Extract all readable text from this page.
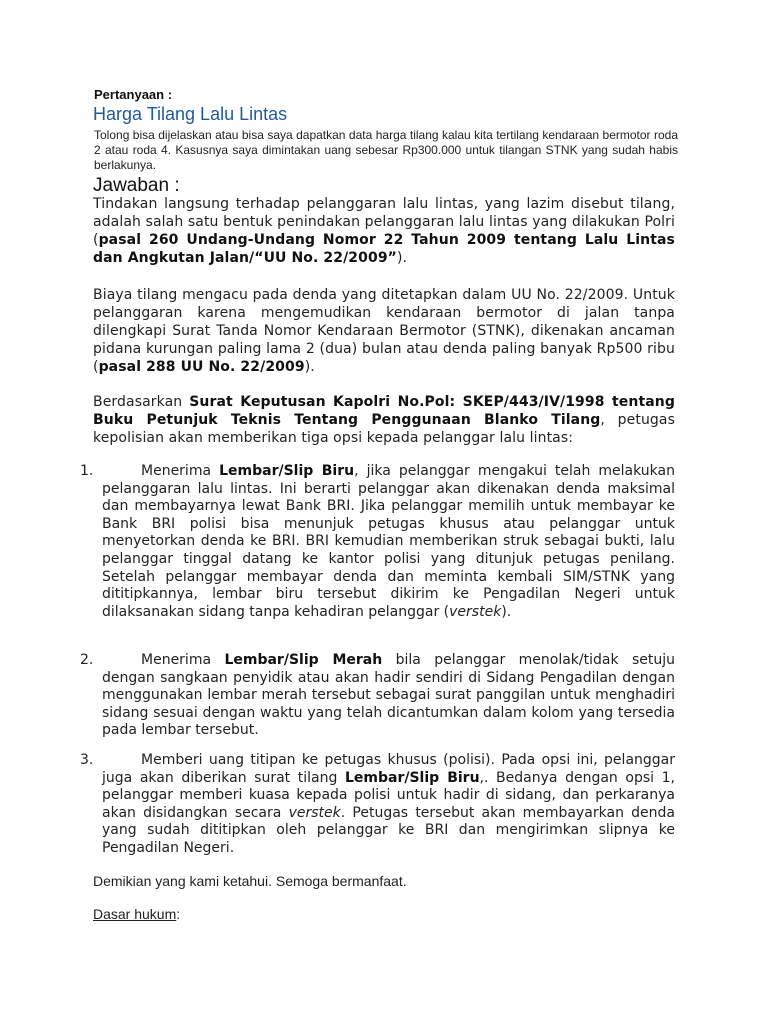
Pertanyaan :
Harga Tilang Lalu Lintas
Tolong bisa dijelaskan atau bisa saya dapatkan data harga tilang kalau kita tertilang kendaraan bermotor roda 2 atau roda 4. Kasusnya saya dimintakan uang sebesar Rp300.000 untuk tilangan STNK yang sudah habis berlakunya.
Jawaban :
Tindakan langsung terhadap pelanggaran lalu lintas, yang lazim disebut tilang, adalah salah satu bentuk penindakan pelanggaran lalu lintas yang dilakukan Polri (pasal 260 Undang-Undang Nomor 22 Tahun 2009 tentang Lalu Lintas dan Angkutan Jalan/“UU No. 22/2009”).
Biaya tilang mengacu pada denda yang ditetapkan dalam UU No. 22/2009. Untuk pelanggaran karena mengemudikan kendaraan bermotor di jalan tanpa dilengkapi Surat Tanda Nomor Kendaraan Bermotor (STNK), dikenakan ancaman pidana kurungan paling lama 2 (dua) bulan atau denda paling banyak Rp500 ribu (pasal 288 UU No. 22/2009).
Berdasarkan Surat Keputusan Kapolri No.Pol: SKEP/443/IV/1998 tentang Buku Petunjuk Teknis Tentang Penggunaan Blanko Tilang, petugas kepolisian akan memberikan tiga opsi kepada pelanggar lalu lintas:
1.	Menerima Lembar/Slip Biru, jika pelanggar mengakui telah melakukan pelanggaran lalu lintas. Ini berarti pelanggar akan dikenakan denda maksimal dan membayarnya lewat Bank BRI. Jika pelanggar memilih untuk membayar ke Bank BRI polisi bisa menunjuk petugas khusus atau pelanggar untuk menyetorkan denda ke BRI. BRI kemudian memberikan struk sebagai bukti, lalu pelanggar tinggal datang ke kantor polisi yang ditunjuk petugas penilang. Setelah pelanggar membayar denda dan meminta kembali SIM/STNK yang dititipkannya, lembar biru tersebut dikirim ke Pengadilan Negeri untuk dilaksanakan sidang tanpa kehadiran pelanggar (verstek).
2.	Menerima Lembar/Slip Merah bila pelanggar menolak/tidak setuju dengan sangkaan penyidik atau akan hadir sendiri di Sidang Pengadilan dengan menggunakan lembar merah tersebut sebagai surat panggilan untuk menghadiri sidang sesuai dengan waktu yang telah dicantumkan dalam kolom yang tersedia pada lembar tersebut.
3.	Memberi uang titipan ke petugas khusus (polisi). Pada opsi ini, pelanggar juga akan diberikan surat tilang Lembar/Slip Biru,. Bedanya dengan opsi 1, pelanggar memberi kuasa kepada polisi untuk hadir di sidang, dan perkaranya akan disidangkan secara verstek. Petugas tersebut akan membayarkan denda yang sudah dititipkan oleh pelanggar ke BRI dan mengirimkan slipnya ke Pengadilan Negeri.
Demikian yang kami ketahui. Semoga bermanfaat.
Dasar hukum:
